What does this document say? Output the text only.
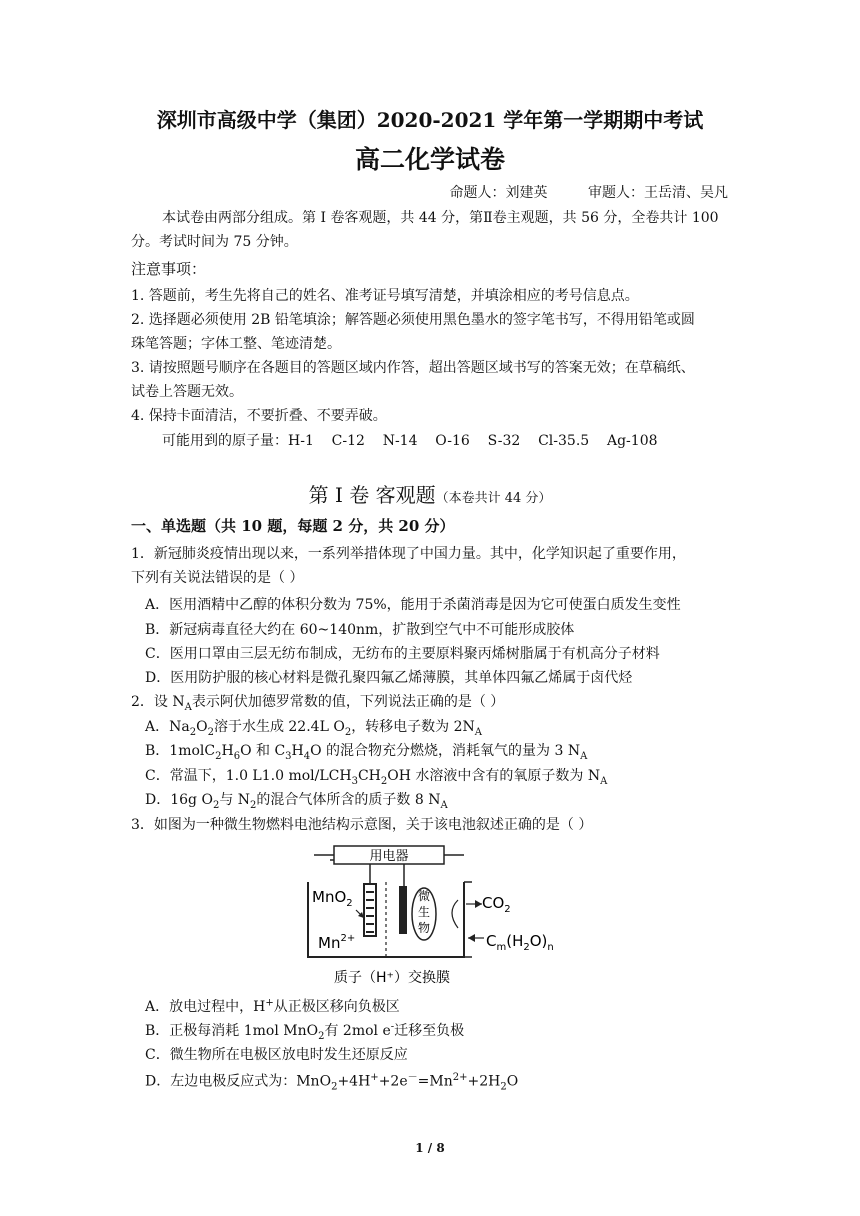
深圳市高级中学（集团）2020-2021 学年第一学期期中考试
高二化学试卷
命题人：刘建英	审题人：王岳清、吴凡
本试卷由两部分组成。第 I 卷客观题，共 44 分，第Ⅱ卷主观题，共 56 分，全卷共计 100
分。考试时间为 75 分钟。
注意事项：
1. 答题前，考生先将自己的姓名、准考证号填写清楚，并填涂相应的考号信息点。
2. 选择题必须使用 2B 铅笔填涂；解答题必须使用黑色墨水的签字笔书写，不得用铅笔或圆
珠笔答题；字体工整、笔迹清楚。
3. 请按照题号顺序在各题目的答题区域内作答，超出答题区域书写的答案无效；在草稿纸、
试卷上答题无效。
4. 保持卡面清洁，不要折叠、不要弄破。
可能用到的原子量：H-1    C-12    N-14    O-16    S-32    Cl-35.5    Ag-108
第 I 卷 客观题（本卷共计 44 分）
一、单选题（共 10 题，每题 2 分，共 20 分）
1．新冠肺炎疫情出现以来，一系列举措体现了中国力量。其中，化学知识起了重要作用，
下列有关说法错误的是（ ）
A．医用酒精中乙醇的体积分数为 75%，能用于杀菌消毒是因为它可使蛋白质发生变性
B．新冠病毒直径大约在 60~140nm，扩散到空气中不可能形成胶体
C．医用口罩由三层无纺布制成，无纺布的主要原料聚丙烯树脂属于有机高分子材料
D．医用防护服的核心材料是微孔聚四氟乙烯薄膜，其单体四氟乙烯属于卤代烃
2．设 $N_A$表示阿伏加德罗常数的值，下列说法正确的是（ ）
A．$Na_2O_2$溶于水生成 22.4L $O_2$，转移电子数为 $2N_A$
B．$1molC_2H_6O$ 和 $C_3H_4O$ 的混合物充分燃烧，消耗氧气的量为 3 $N_A$
C．常温下，1.0 L1.0 mol/$LCH_3CH_2OH$ 水溶液中含有的氧原子数为 $N_A$
D．16g $O_2$与 $N_2$的混合气体所含的质子数 8 $N_A$
3．如图为一种微生物燃料电池结构示意图，关于该电池叙述正确的是（ ）
用电器
微
生
物
MnO$_2$
$Mn^{2+}$
$CO_2$
$C_m(H_2O)_n$
质子（H⁺）交换膜
A．放电过程中，H+从正极区移向负极区
B．正极每消耗 1mol MnO$_2$有 2mol e-迁移至负极
C．微生物所在电极区放电时发生还原反应
D．左边电极反应式为：$MnO_2+4H^++2e^-=Mn^{2+}+2H_2O$
1 / 8
